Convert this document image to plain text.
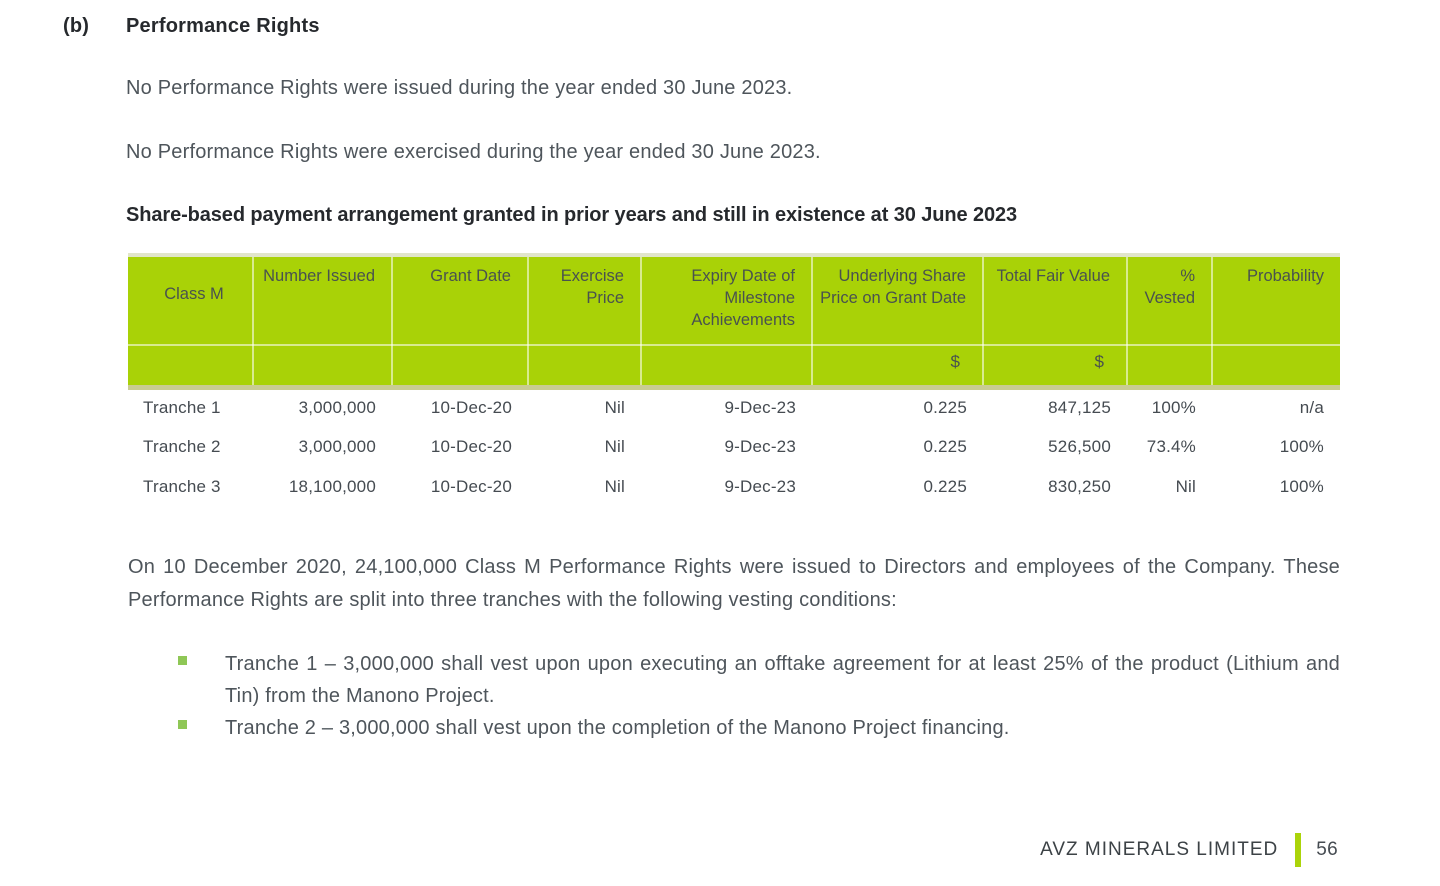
(b) Performance Rights
No Performance Rights were issued during the year ended 30 June 2023.
No Performance Rights were exercised during the year ended 30 June 2023.
Share-based payment arrangement granted in prior years and still in existence at 30 June 2023
Class M	Number Issued	Grant Date	Exercise Price	Expiry Date of Milestone Achievements	Underlying Share Price on Grant Date	Total Fair Value	% Vested	Probability
					$	$		
Tranche 1	3,000,000	10-Dec-20	Nil	9-Dec-23	0.225	847,125	100%	n/a
Tranche 2	3,000,000	10-Dec-20	Nil	9-Dec-23	0.225	526,500	73.4%	100%
Tranche 3	18,100,000	10-Dec-20	Nil	9-Dec-23	0.225	830,250	Nil	100%
On 10 December 2020, 24,100,000 Class M Performance Rights were issued to Directors and employees of the Company. These Performance Rights are split into three tranches with the following vesting conditions:
Tranche 1 – 3,000,000 shall vest upon upon executing an offtake agreement for at least 25% of the product (Lithium and Tin) from the Manono Project.
Tranche 2 – 3,000,000 shall vest upon the completion of the Manono Project financing.
AVZ MINERALS LIMITED 56
